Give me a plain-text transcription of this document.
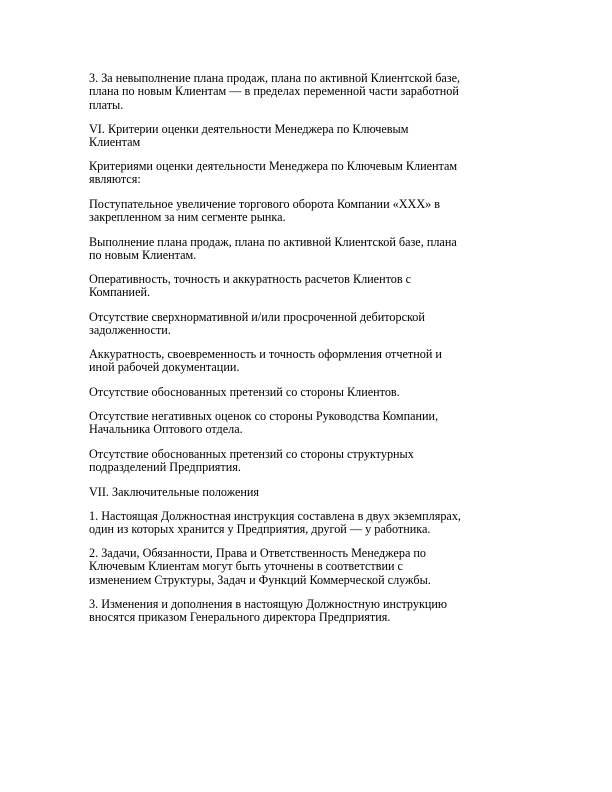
3. За невыполнение плана продаж, плана по активной Клиентской базе,
плана по новым Клиентам — в пределах переменной части заработной
платы.

VI. Критерии оценки деятельности Менеджера по Ключевым
Клиентам

Критериями оценки деятельности Менеджера по Ключевым Клиентам
являются:

Поступательное увеличение торгового оборота Компании «ХХХ» в
закрепленном за ним сегменте рынка.

Выполнение плана продаж, плана по активной Клиентской базе, плана
по новым Клиентам.

Оперативность, точность и аккуратность расчетов Клиентов с
Компанией.

Отсутствие сверхнормативной и/или просроченной дебиторской
задолженности.

Аккуратность, своевременность и точность оформления отчетной и
иной рабочей документации.

Отсутствие обоснованных претензий со стороны Клиентов.

Отсутствие негативных оценок со стороны Руководства Компании,
Начальника Оптового отдела.

Отсутствие обоснованных претензий со стороны структурных
подразделений Предприятия.

VII. Заключительные положения

1. Настоящая Должностная инструкция составлена в двух экземплярах,
один из которых хранится у Предприятия, другой — у работника.

2. Задачи, Обязанности, Права и Ответственность Менеджера по
Ключевым Клиентам могут быть уточнены в соответствии с
изменением Структуры, Задач и Функций Коммерческой службы.

3. Изменения и дополнения в настоящую Должностную инструкцию
вносятся приказом Генерального директора Предприятия.
